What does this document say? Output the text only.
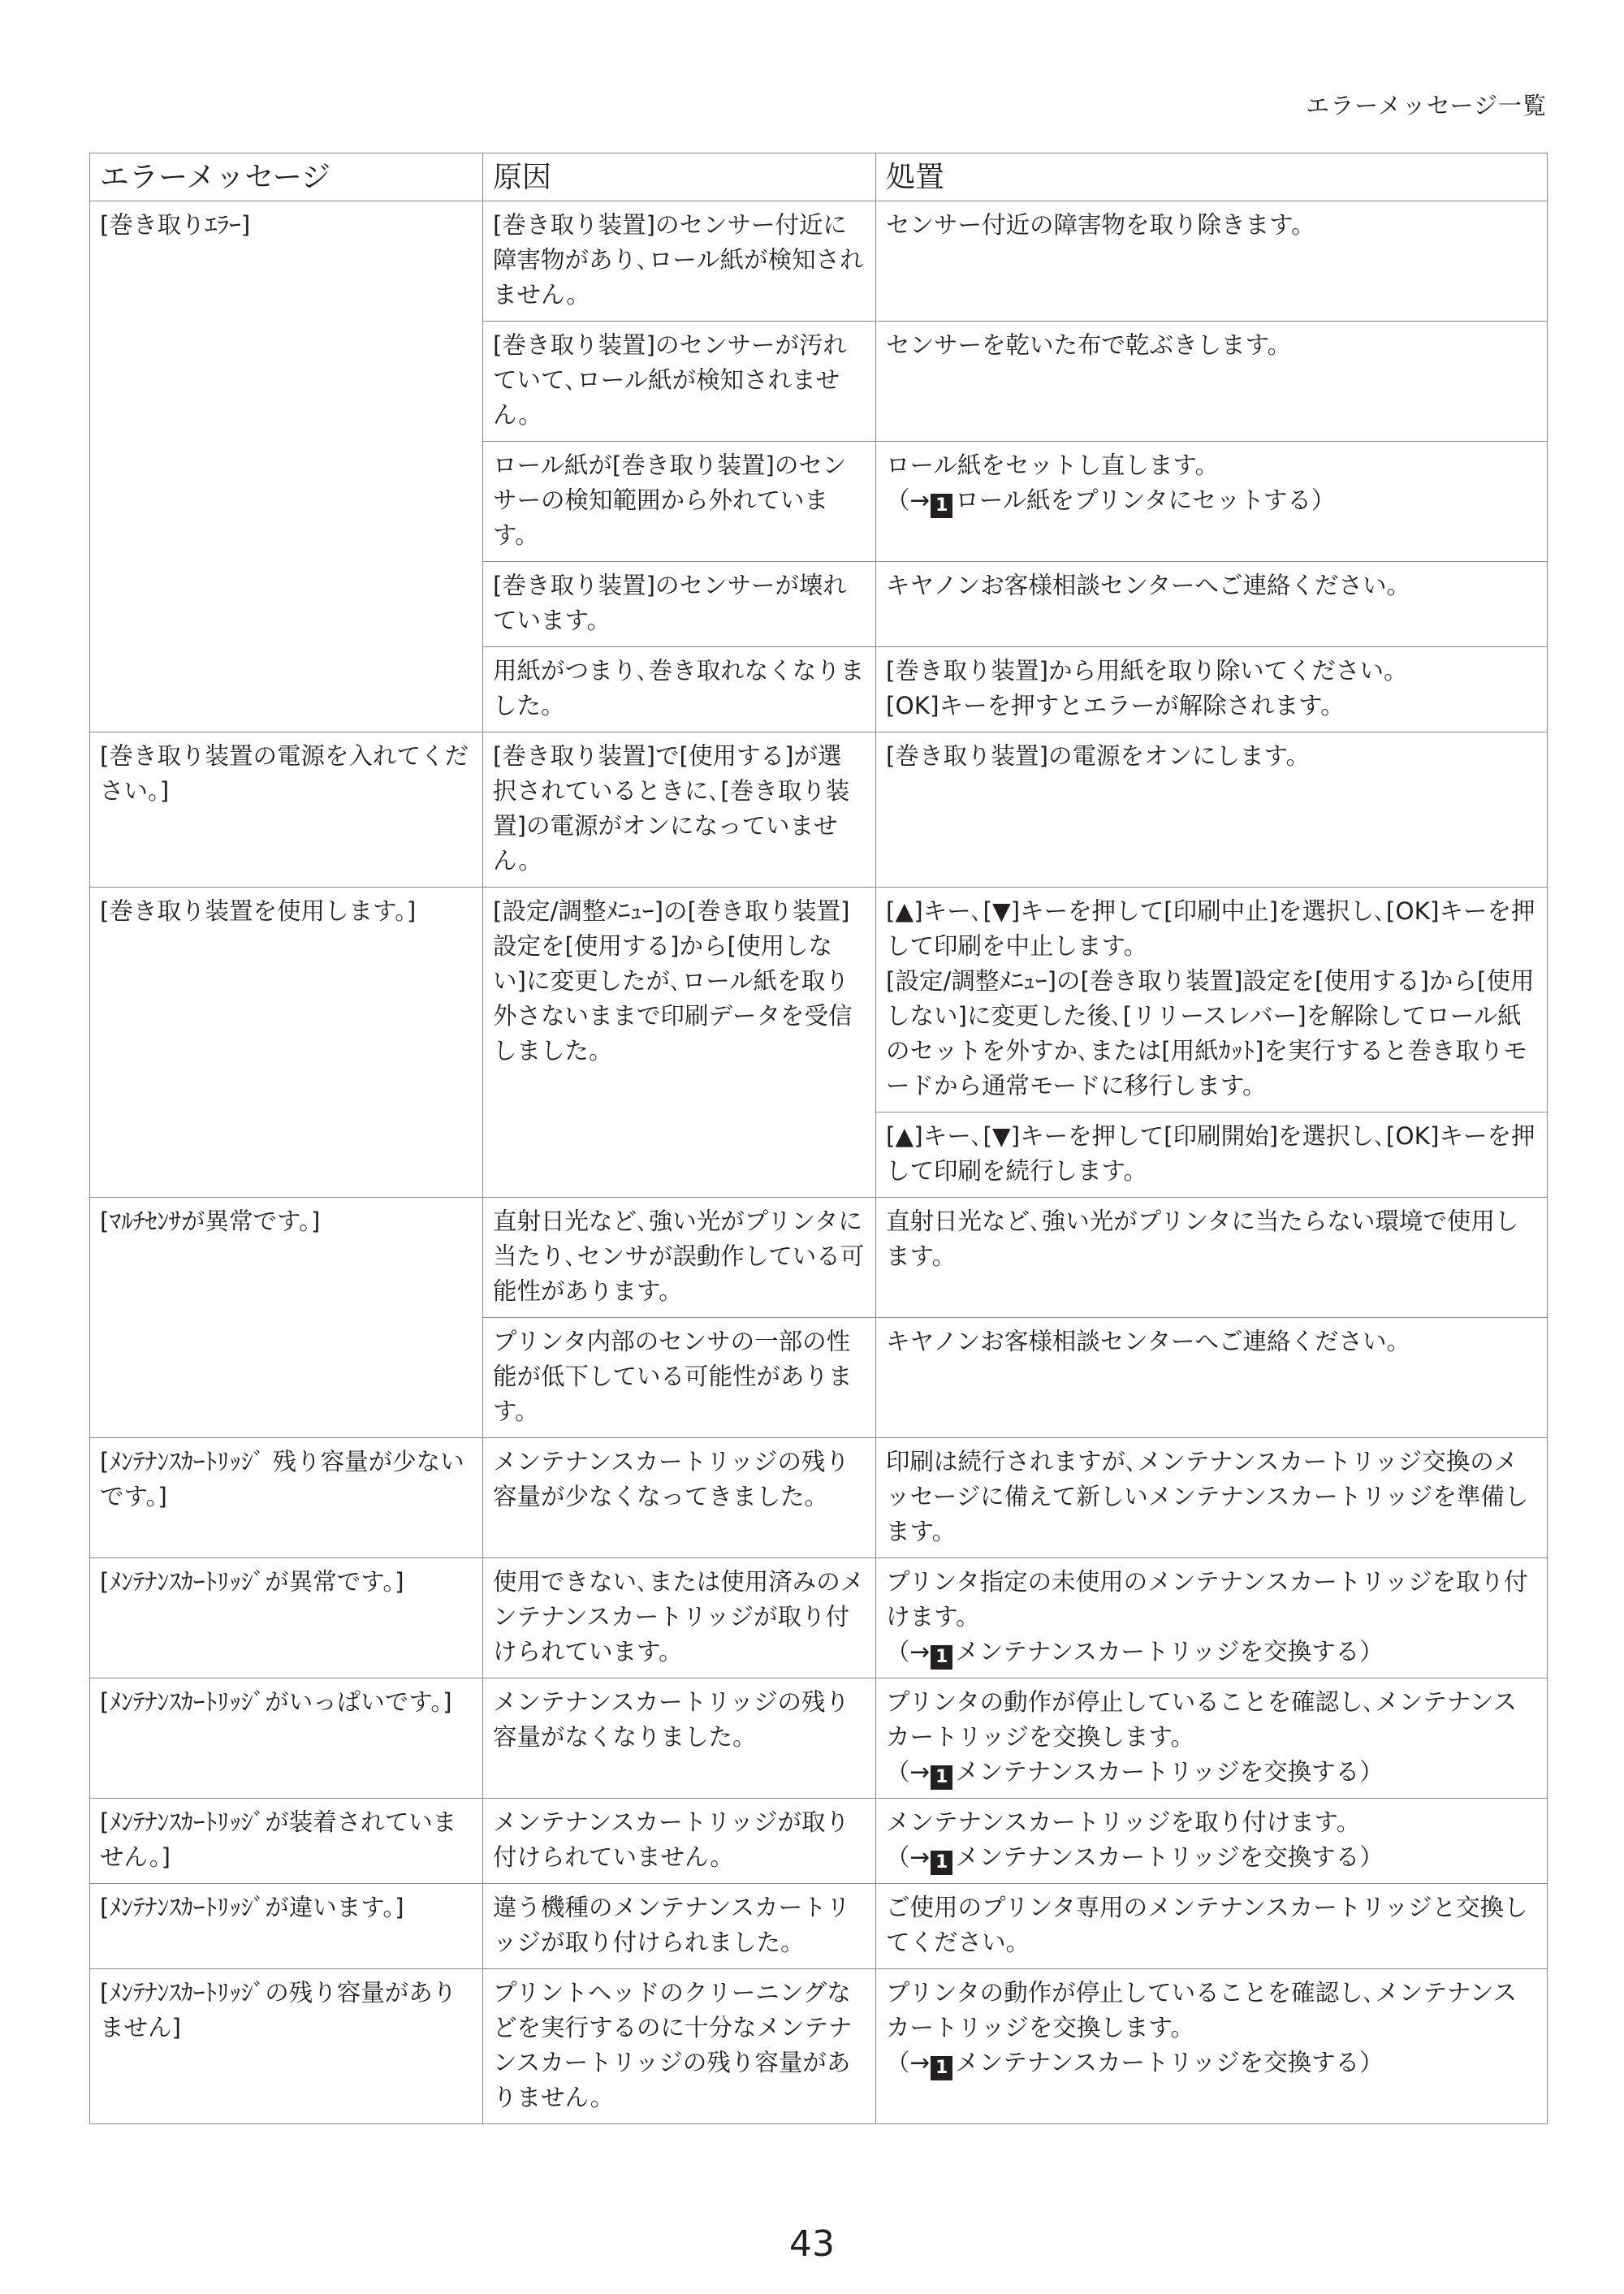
エラーメッセージ一覧
エラーメッセージ	原因	処置
[巻き取りｴﾗｰ]	[巻き取り装置]のセンサー付近に障害物があり､ロール紙が検知されません。	センサー付近の障害物を取り除きます。

	[巻き取り装置]のセンサーが汚れていて､ロール紙が検知されません。	センサーを乾いた布で乾ぶきします。

	ロール紙が[巻き取り装置]のセンサーの検知範囲から外れています。	ロール紙をセットし直します。
（→ 1 ロール紙をプリンタにセットする）

	[巻き取り装置]のセンサーが壊れています。	キヤノンお客様相談センターへご連絡ください。

	用紙がつまり､巻き取れなくなりました。	[巻き取り装置]から用紙を取り除いてください。
[OK]キーを押すとエラーが解除されます。

[巻き取り装置の電源を入れてください。]	[巻き取り装置]で[使用する]が選択されているときに､[巻き取り装置]の電源がオンになっていません。	[巻き取り装置]の電源をオンにします。

[巻き取り装置を使用します。]	[設定/調整ﾒﾆｭｰ]の[巻き取り装置]設定を[使用する]から[使用しない]に変更したが､ロール紙を取り外さないままで印刷データを受信しました。	[▲]キー､[▼]キーを押して[印刷中止]を選択し､[OK]キーを押して印刷を中止します。
[設定/調整ﾒﾆｭｰ]の[巻き取り装置]設定を[使用する]から[使用しない]に変更した後､[リリースレバー]を解除してロール紙のセットを外すか､または[用紙ｶｯﾄ]を実行すると巻き取りモードから通常モードに移行します。

		[▲]キー､[▼]キーを押して[印刷開始]を選択し､[OK]キーを押して印刷を続行します。

[ﾏﾙﾁｾﾝｻが異常です。]	直射日光など､強い光がプリンタに当たり､センサが誤動作している可能性があります。	直射日光など､強い光がプリンタに当たらない環境で使用します。

	プリンタ内部のセンサの一部の性能が低下している可能性があります。	キヤノンお客様相談センターへご連絡ください。

[ﾒﾝﾃﾅﾝｽｶｰﾄﾘｯｼﾞ 残り容量が少ないです。]	メンテナンスカートリッジの残り容量が少なくなってきました。	印刷は続行されますが､メンテナンスカートリッジ交換のメッセージに備えて新しいメンテナンスカートリッジを準備します。

[ﾒﾝﾃﾅﾝｽｶｰﾄﾘｯｼﾞが異常です。]	使用できない､または使用済みのメンテナンスカートリッジが取り付けられています。	プリンタ指定の未使用のメンテナンスカートリッジを取り付けます。
（→ 1 メンテナンスカートリッジを交換する）

[ﾒﾝﾃﾅﾝｽｶｰﾄﾘｯｼﾞがいっぱいです。]	メンテナンスカートリッジの残り容量がなくなりました。	プリンタの動作が停止していることを確認し､メンテナンスカートリッジを交換します。
（→ 1 メンテナンスカートリッジを交換する）

[ﾒﾝﾃﾅﾝｽｶｰﾄﾘｯｼﾞが装着されていません。]	メンテナンスカートリッジが取り付けられていません。	メンテナンスカートリッジを取り付けます。
（→ 1 メンテナンスカートリッジを交換する）

[ﾒﾝﾃﾅﾝｽｶｰﾄﾘｯｼﾞが違います。]	違う機種のメンテナンスカートリッジが取り付けられました。	ご使用のプリンタ専用のメンテナンスカートリッジと交換してください。

[ﾒﾝﾃﾅﾝｽｶｰﾄﾘｯｼﾞの残り容量がありません]	プリントヘッドのクリーニングなどを実行するのに十分なメンテナンスカートリッジの残り容量がありません。	プリンタの動作が停止していることを確認し､メンテナンスカートリッジを交換します。
（→ 1 メンテナンスカートリッジを交換する）
43
